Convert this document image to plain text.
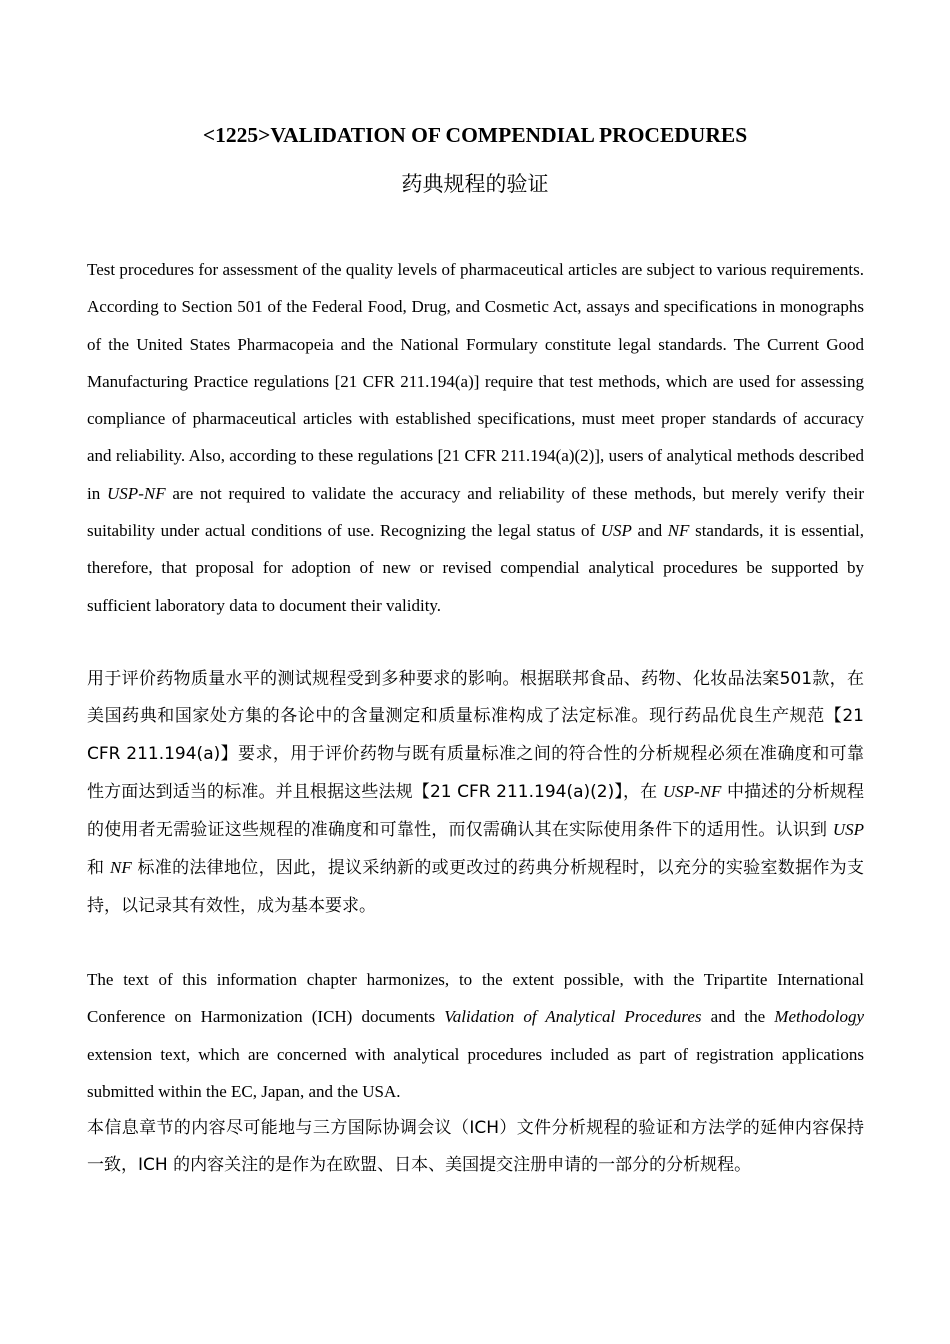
<1225>VALIDATION OF COMPENDIAL PROCEDURES
药典规程的验证

Test procedures for assessment of the quality levels of pharmaceutical articles are subject to various requirements. According to Section 501 of the Federal Food, Drug, and Cosmetic Act, assays and specifications in monographs of the United States Pharmacopeia and the National Formulary constitute legal standards. The Current Good Manufacturing Practice regulations [21 CFR 211.194(a)] require that test methods, which are used for assessing compliance of pharmaceutical articles with established specifications, must meet proper standards of accuracy and reliability. Also, according to these regulations [21 CFR 211.194(a)(2)], users of analytical methods described in USP-NF are not required to validate the accuracy and reliability of these methods, but merely verify their suitability under actual conditions of use. Recognizing the legal status of USP and NF standards, it is essential, therefore, that proposal for adoption of new or revised compendial analytical procedures be supported by sufficient laboratory data to document their validity.

用于评价药物质量水平的测试规程受到多种要求的影响。根据联邦食品、药物、化妆品法案501款，在美国药典和国家处方集的各论中的含量测定和质量标准构成了法定标准。现行药品优良生产规范【21 CFR 211.194(a)】要求，用于评价药物与既有质量标准之间的符合性的分析规程必须在准确度和可靠性方面达到适当的标准。并且根据这些法规【21 CFR 211.194(a)(2)】，在 USP-NF 中描述的分析规程的使用者无需验证这些规程的准确度和可靠性，而仅需确认其在实际使用条件下的适用性。认识到 USP 和 NF 标准的法律地位，因此，提议采纳新的或更改过的药典分析规程时，以充分的实验室数据作为支持，以记录其有效性，成为基本要求。

The text of this information chapter harmonizes, to the extent possible, with the Tripartite International Conference on Harmonization (ICH) documents Validation of Analytical Procedures and the Methodology extension text, which are concerned with analytical procedures included as part of registration applications submitted within the EC, Japan, and the USA.

本信息章节的内容尽可能地与三方国际协调会议（ICH）文件分析规程的验证和方法学的延伸内容保持一致，ICH 的内容关注的是作为在欧盟、日本、美国提交注册申请的一部分的分析规程。
